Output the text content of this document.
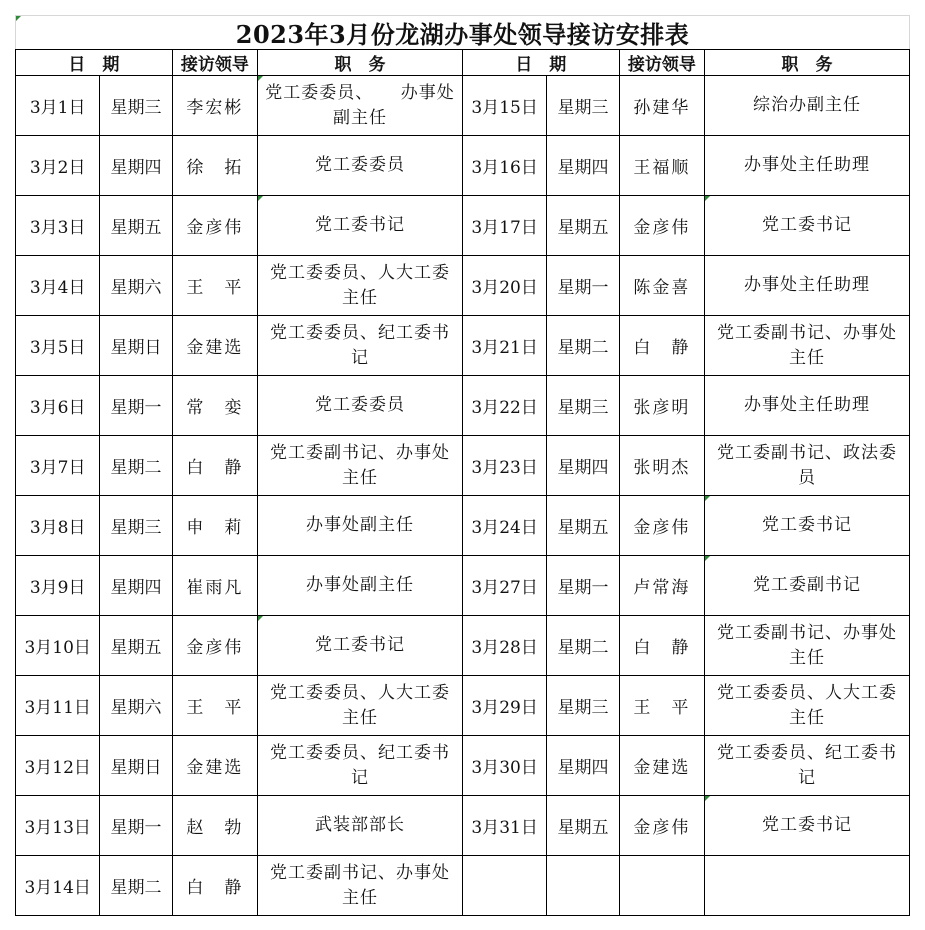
2023年3月份龙湖办事处领导接访安排表
日　期		接访领导	职　务	日　期		接访领导	职　务
3月1日	星期三	李宏彬	党工委委员、　　办事处副主任	3月15日	星期三	孙建华	综治办副主任
3月2日	星期四	徐　拓	党工委委员	3月16日	星期四	王福顺	办事处主任助理
3月3日	星期五	金彦伟	党工委书记	3月17日	星期五	金彦伟	党工委书记
3月4日	星期六	王　平	党工委委员、人大工委主任	3月20日	星期一	陈金喜	办事处主任助理
3月5日	星期日	金建选	党工委委员、纪工委书记	3月21日	星期二	白　静	党工委副书记、办事处主任
3月6日	星期一	常　娈	党工委委员	3月22日	星期三	张彦明	办事处主任助理
3月7日	星期二	白　静	党工委副书记、办事处主任	3月23日	星期四	张明杰	党工委副书记、政法委员
3月8日	星期三	申　莉	办事处副主任	3月24日	星期五	金彦伟	党工委书记
3月9日	星期四	崔雨凡	办事处副主任	3月27日	星期一	卢常海	党工委副书记
3月10日	星期五	金彦伟	党工委书记	3月28日	星期二	白　静	党工委副书记、办事处主任
3月11日	星期六	王　平	党工委委员、人大工委主任	3月29日	星期三	王　平	党工委委员、人大工委主任
3月12日	星期日	金建选	党工委委员、纪工委书记	3月30日	星期四	金建选	党工委委员、纪工委书记
3月13日	星期一	赵　勃	武装部部长	3月31日	星期五	金彦伟	党工委书记
3月14日	星期二	白　静	党工委副书记、办事处主任				
